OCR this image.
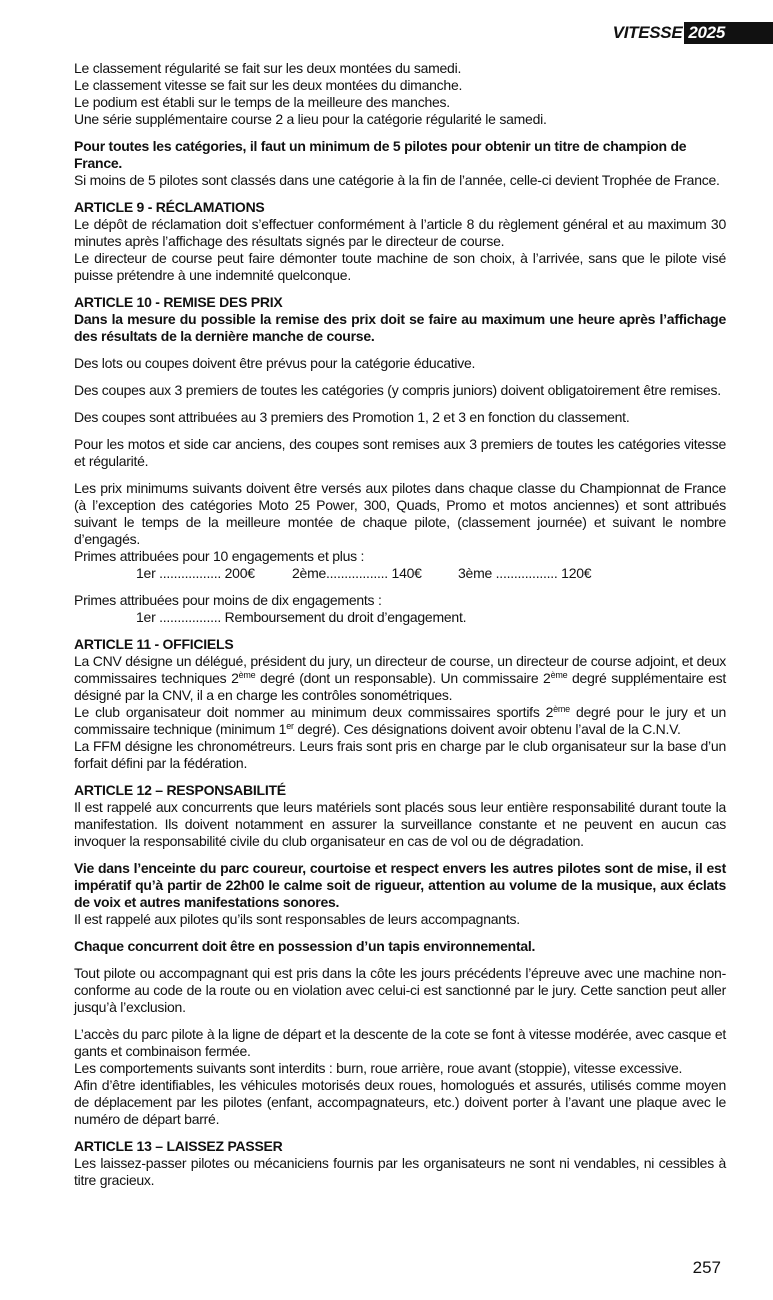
VITESSE 2025

Le classement régularité se fait sur les deux montées du samedi.

Le classement vitesse se fait sur les deux montées du dimanche.

Le podium est établi sur le temps de la meilleure des manches.

Une série supplémentaire course 2 a lieu pour la catégorie régularité le samedi.

Pour toutes les catégories, il faut un minimum de 5 pilotes pour obtenir un titre de champion de France.

Si moins de 5 pilotes sont classés dans une catégorie à la fin de l’année, celle-ci devient Trophée de France.

ARTICLE 9 - RÉCLAMATIONS

Le dépôt de réclamation doit s’effectuer conformément à l’article 8 du règlement général et au maximum 30 minutes après l’affichage des résultats signés par le directeur de course.

Le directeur de course peut faire démonter toute machine de son choix, à l’arrivée, sans que le pilote visé puisse prétendre à une indemnité quelconque.

ARTICLE 10 - REMISE DES PRIX

Dans la mesure du possible la remise des prix doit se faire au maximum une heure après l’affichage des résultats de la dernière manche de course.

Des lots ou coupes doivent être prévus pour la catégorie éducative.

Des coupes aux 3 premiers de toutes les catégories (y compris juniors) doivent obligatoirement être remises.

Des coupes sont attribuées au 3 premiers des Promotion 1, 2 et 3 en fonction du classement.

Pour les motos et side car anciens, des coupes sont remises aux 3 premiers de toutes les catégories vitesse et régularité.

Les prix minimums suivants doivent être versés aux pilotes dans chaque classe du Championnat de France (à l’exception des catégories Moto 25 Power, 300, Quads, Promo et motos anciennes) et sont attribués suivant le temps de la meilleure montée de chaque pilote, (classement journée) et suivant le nombre d’engagés.

Primes attribuées pour 10 engagements et plus :

1er ................. 200€	2ème................. 140€	3ème ................. 120€

Primes attribuées pour moins de dix engagements :

1er ................. Remboursement du droit d’engagement.

ARTICLE 11 - OFFICIELS

La CNV désigne un délégué, président du jury, un directeur de course, un directeur de course adjoint, et deux commissaires techniques 2ème degré (dont un responsable). Un commissaire 2ème degré supplémentaire est désigné par la CNV, il a en charge les contrôles sonométriques.

Le club organisateur doit nommer au minimum deux commissaires sportifs 2ème degré pour le jury et un commissaire technique (minimum 1er degré). Ces désignations doivent avoir obtenu l’aval de la C.N.V.

La FFM désigne les chronométreurs. Leurs frais sont pris en charge par le club organisateur sur la base d’un forfait défini par la fédération.

ARTICLE 12 – RESPONSABILITÉ

Il est rappelé aux concurrents que leurs matériels sont placés sous leur entière responsabilité durant toute la manifestation. Ils doivent notamment en assurer la surveillance constante et ne peuvent en aucun cas invoquer la responsabilité civile du club organisateur en cas de vol ou de dégradation.

Vie dans l’enceinte du parc coureur, courtoise et respect envers les autres pilotes sont de mise, il est impératif qu’à partir de 22h00 le calme soit de rigueur, attention au volume de la musique, aux éclats de voix et autres manifestations sonores.

Il est rappelé aux pilotes qu’ils sont responsables de leurs accompagnants.

Chaque concurrent doit être en possession d’un tapis environnemental.

Tout pilote ou accompagnant qui est pris dans la côte les jours précédents l’épreuve avec une machine non-conforme au code de la route ou en violation avec celui-ci est sanctionné par le jury. Cette sanction peut aller jusqu’à l’exclusion.

L’accès du parc pilote à la ligne de départ et la descente de la cote se font à vitesse modérée, avec casque et gants et combinaison fermée.

Les comportements suivants sont interdits : burn, roue arrière, roue avant (stoppie), vitesse excessive.

Afin d’être identifiables, les véhicules motorisés deux roues, homologués et assurés, utilisés comme moyen de déplacement par les pilotes (enfant, accompagnateurs, etc.) doivent porter à l’avant une plaque avec le numéro de départ barré.

ARTICLE 13 – LAISSEZ PASSER

Les laissez-passer pilotes ou mécaniciens fournis par les organisateurs ne sont ni vendables, ni cessibles à titre gracieux.

257
